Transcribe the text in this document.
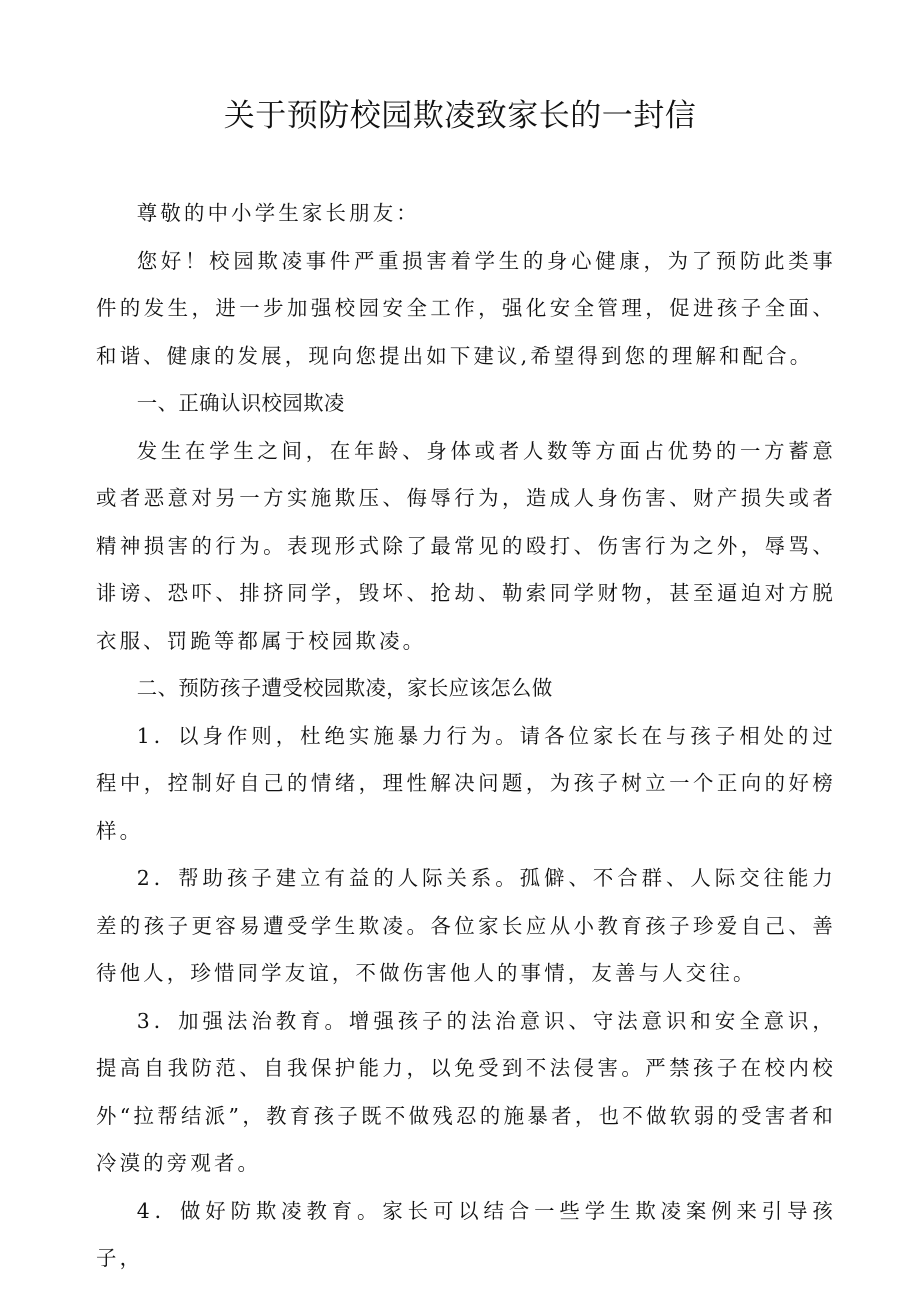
关于预防校园欺凌致家长的一封信

尊敬的中小学生家长朋友：

您好！校园欺凌事件严重损害着学生的身心健康，为了预防此类事件的发生，进一步加强校园安全工作，强化安全管理，促进孩子全面、和谐、健康的发展，现向您提出如下建议,希望得到您的理解和配合。

一、正确认识校园欺凌

发生在学生之间，在年龄、身体或者人数等方面占优势的一方蓄意或者恶意对另一方实施欺压、侮辱行为，造成人身伤害、财产损失或者精神损害的行为。表现形式除了最常见的殴打、伤害行为之外，辱骂、诽谤、恐吓、排挤同学，毁坏、抢劫、勒索同学财物，甚至逼迫对方脱衣服、罚跪等都属于校园欺凌。

二、预防孩子遭受校园欺凌，家长应该怎么做

1．以身作则，杜绝实施暴力行为。请各位家长在与孩子相处的过程中，控制好自己的情绪，理性解决问题，为孩子树立一个正向的好榜样。

2．帮助孩子建立有益的人际关系。孤僻、不合群、人际交往能力差的孩子更容易遭受学生欺凌。各位家长应从小教育孩子珍爱自己、善待他人，珍惜同学友谊，不做伤害他人的事情，友善与人交往。

3．加强法治教育。增强孩子的法治意识、守法意识和安全意识，提高自我防范、自我保护能力，以免受到不法侵害。严禁孩子在校内校外“拉帮结派”，教育孩子既不做残忍的施暴者，也不做软弱的受害者和冷漠的旁观者。

4．做好防欺凌教育。家长可以结合一些学生欺凌案例来引导孩子，
